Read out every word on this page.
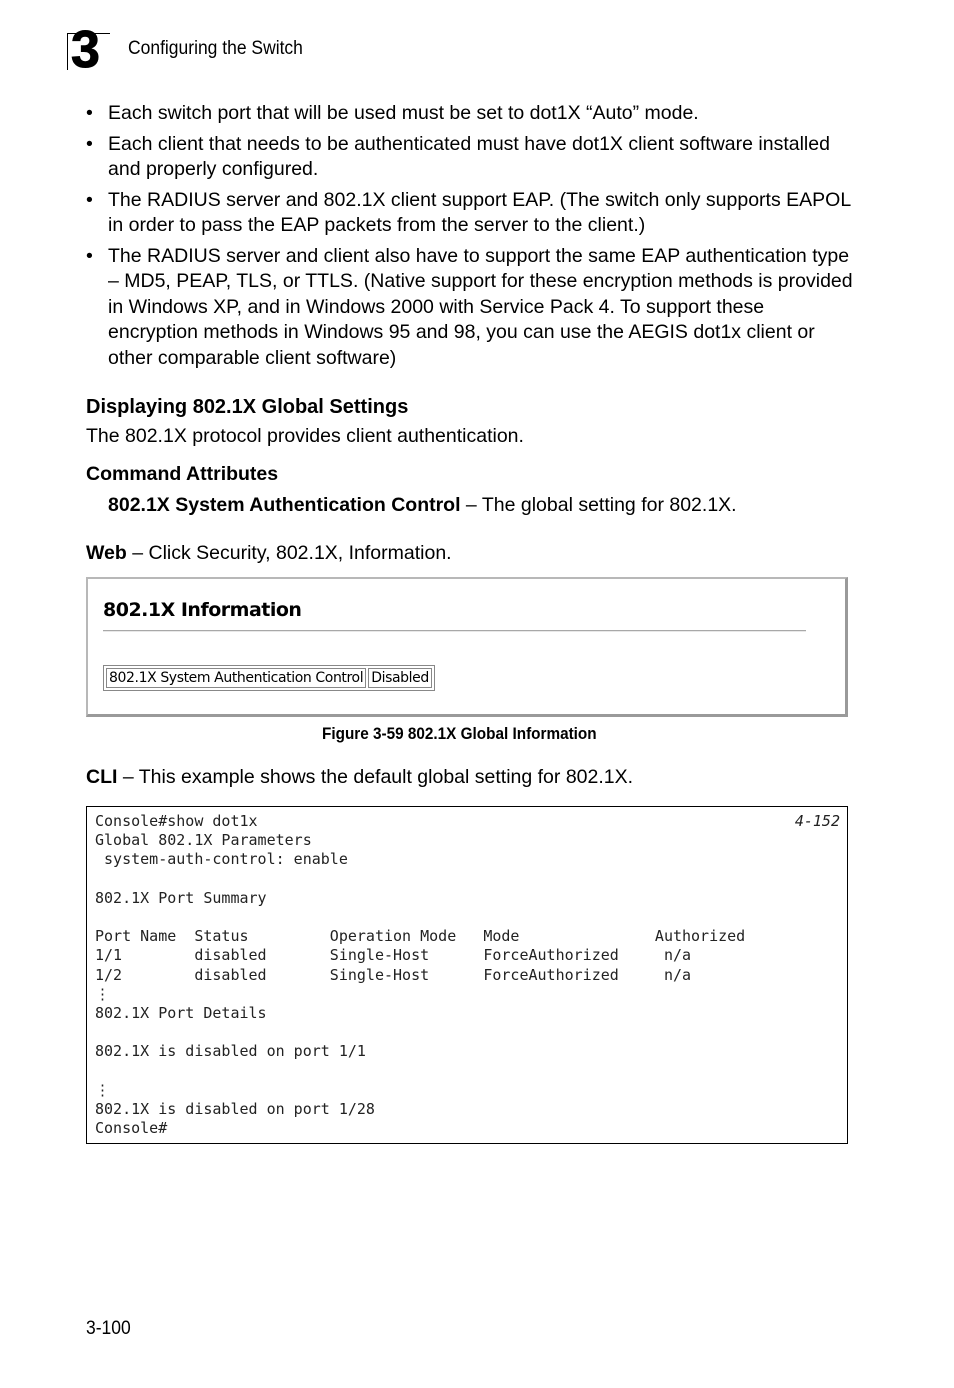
3 Configuring the Switch
• Each switch port that will be used must be set to dot1X “Auto” mode.
• Each client that needs to be authenticated must have dot1X client software installed and properly configured.
• The RADIUS server and 802.1X client support EAP. (The switch only supports EAPOL in order to pass the EAP packets from the server to the client.)
• The RADIUS server and client also have to support the same EAP authentication type – MD5, PEAP, TLS, or TTLS. (Native support for these encryption methods is provided in Windows XP, and in Windows 2000 with Service Pack 4. To support these encryption methods in Windows 95 and 98, you can use the AEGIS dot1x client or other comparable client software)
Displaying 802.1X Global Settings
The 802.1X protocol provides client authentication.
Command Attributes
802.1X System Authentication Control – The global setting for 802.1X.
Web – Click Security, 802.1X, Information.
802.1X Information
802.1X System Authentication Control	Disabled
Figure 3-59 802.1X Global Information
CLI – This example shows the default global setting for 802.1X.
Console#show dot1x
Global 802.1X Parameters
system-auth-control: enable

802.1X Port Summary

Port Name  Status         Operation Mode   Mode               Authorized
1/1        disabled       Single-Host      ForceAuthorized     n/a
1/2        disabled       Single-Host      ForceAuthorized     n/a
⋮
802.1X Port Details

802.1X is disabled on port 1/1

⋮
802.1X is disabled on port 1/28
Console#
4-152
3-100
